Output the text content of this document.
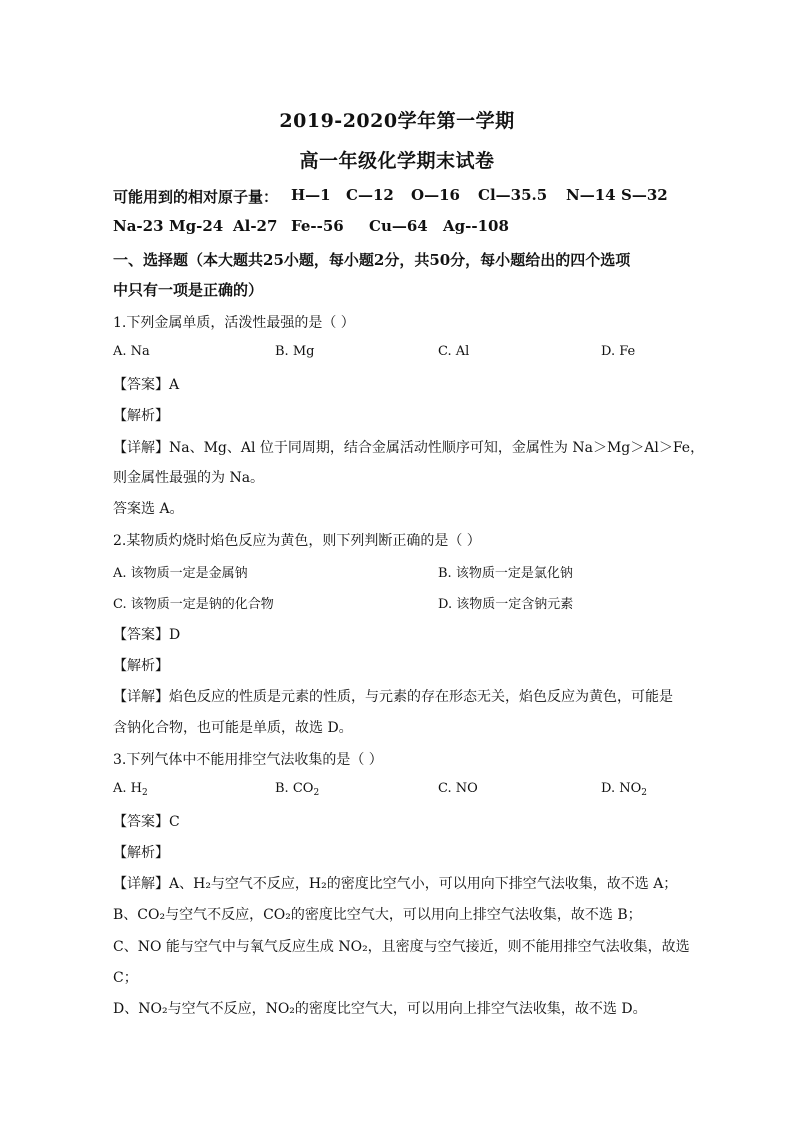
2019-2020学年第一学期
高一年级化学期末试卷
可能用到的相对原子量： H—1 C—12 O—16 Cl—35.5 N—14 S—32
Na-23 Mg-24 Al-27 Fe--56 Cu—64 Ag--108
一、选择题（本大题共25小题，每小题2分，共50分，每小题给出的四个选项
中只有一项是正确的）
1.下列金属单质，活泼性最强的是（ ）
A. Na	B. Mg	C. Al	D. Fe
【答案】A
【解析】
【详解】Na、Mg、Al 位于同周期，结合金属活动性顺序可知，金属性为 Na＞Mg＞Al＞Fe，
则金属性最强的为 Na。
答案选 A。
2.某物质灼烧时焰色反应为黄色，则下列判断正确的是（ ）
A. 该物质一定是金属钠	B. 该物质一定是氯化钠
C. 该物质一定是钠的化合物	D. 该物质一定含钠元素
【答案】D
【解析】
【详解】焰色反应的性质是元素的性质，与元素的存在形态无关，焰色反应为黄色，可能是
含钠化合物，也可能是单质，故选 D。
3.下列气体中不能用排空气法收集的是（ ）
A. $H_2$	B. $CO_2$	C. NO	D. $NO_2$
【答案】C
【解析】
【详解】A、H₂与空气不反应，H₂的密度比空气小，可以用向下排空气法收集，故不选 A；
B、CO₂与空气不反应，CO₂的密度比空气大，可以用向上排空气法收集，故不选 B；
C、NO 能与空气中与氧气反应生成 NO₂，且密度与空气接近，则不能用排空气法收集，故选
C；
D、NO₂与空气不反应，NO₂的密度比空气大，可以用向上排空气法收集，故不选 D。
